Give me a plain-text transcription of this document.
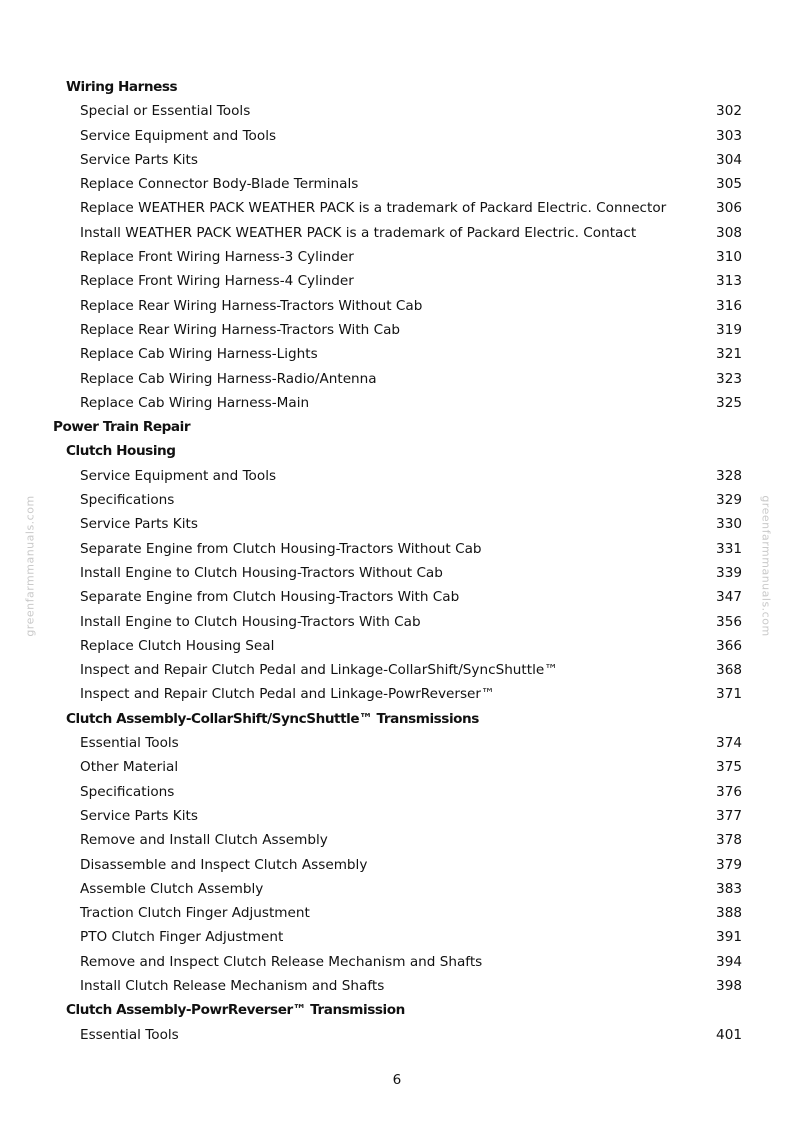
Wiring Harness
Special or Essential Tools	302
Service Equipment and Tools	303
Service Parts Kits	304
Replace Connector Body-Blade Terminals	305
Replace WEATHER PACK WEATHER PACK is a trademark of Packard Electric. Connector	306
Install WEATHER PACK WEATHER PACK is a trademark of Packard Electric. Contact	308
Replace Front Wiring Harness-3 Cylinder	310
Replace Front Wiring Harness-4 Cylinder	313
Replace Rear Wiring Harness-Tractors Without Cab	316
Replace Rear Wiring Harness-Tractors With Cab	319
Replace Cab Wiring Harness-Lights	321
Replace Cab Wiring Harness-Radio/Antenna	323
Replace Cab Wiring Harness-Main	325
Power Train Repair
Clutch Housing
Service Equipment and Tools	328
Specifications	329
Service Parts Kits	330
Separate Engine from Clutch Housing-Tractors Without Cab	331
Install Engine to Clutch Housing-Tractors Without Cab	339
Separate Engine from Clutch Housing-Tractors With Cab	347
Install Engine to Clutch Housing-Tractors With Cab	356
Replace Clutch Housing Seal	366
Inspect and Repair Clutch Pedal and Linkage-CollarShift/SyncShuttle™	368
Inspect and Repair Clutch Pedal and Linkage-PowrReverser™	371
Clutch Assembly-CollarShift/SyncShuttle™ Transmissions
Essential Tools	374
Other Material	375
Specifications	376
Service Parts Kits	377
Remove and Install Clutch Assembly	378
Disassemble and Inspect Clutch Assembly	379
Assemble Clutch Assembly	383
Traction Clutch Finger Adjustment	388
PTO Clutch Finger Adjustment	391
Remove and Inspect Clutch Release Mechanism and Shafts	394
Install Clutch Release Mechanism and Shafts	398
Clutch Assembly-PowrReverser™ Transmission
Essential Tools	401
greenfarmmanuals.com	greenfarmmanuals.com
6
